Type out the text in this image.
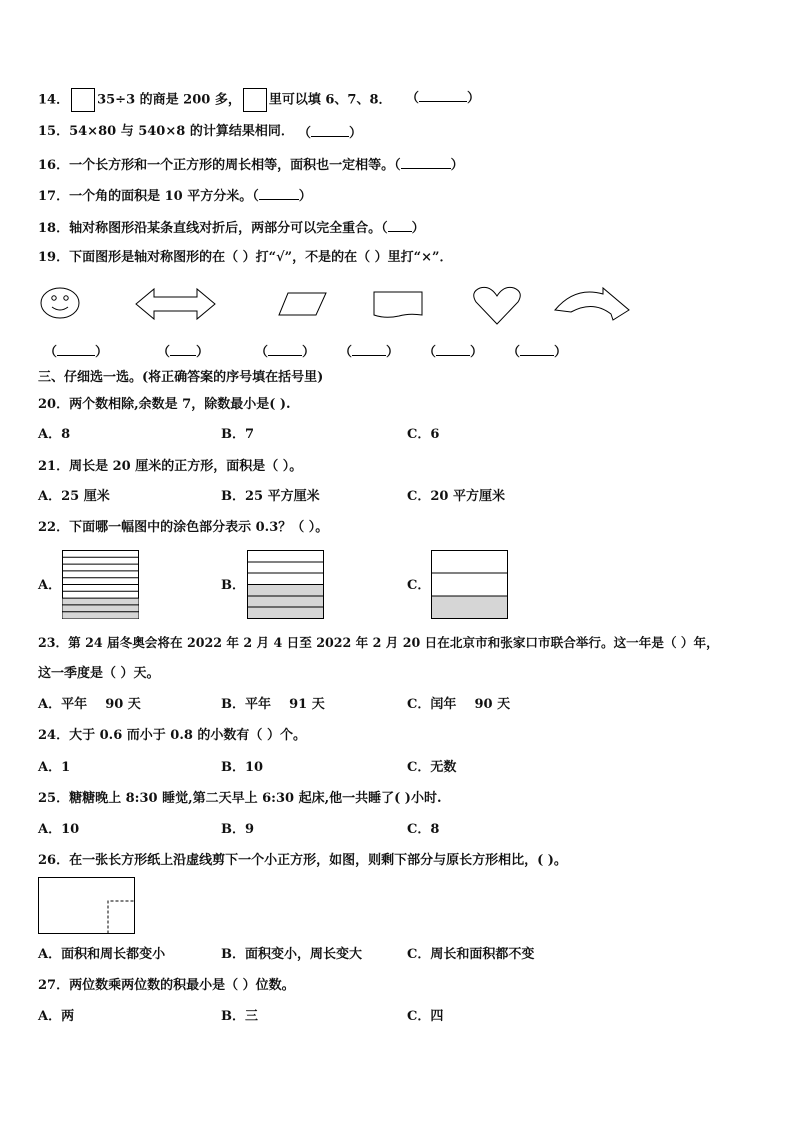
14． 35÷3 的商是 200 多， 里可以填 6、7、8． （	）
15．54×80 与 540×8 的计算结果相同． （	）
16．一个长方形和一个正方形的周长相等，面积也一定相等。（	）
17．一个角的面积是 10 平方分米。（	）
18．轴对称图形沿某条直线对折后，两部分可以完全重合。（ ）
19．下面图形是轴对称图形的在（ ）打“√”，不是的在（ ）里打“×”．
（	）	（ ）	（	） （	） （	） （	）
三、仔细选一选。(将正确答案的序号填在括号里)
20．两个数相除,余数是 7，除数最小是( ).
A．8	B．7	C．6
21．周长是 20 厘米的正方形，面积是（ ）。
A．25 厘米	B．25 平方厘米	C．20 平方厘米
22．下面哪一幅图中的涂色部分表示 0.3？（ ）。
A．	B．	C．
23．第 24 届冬奥会将在 2022 年 2 月 4 日至 2022 年 2 月 20 日在北京市和张家口市联合举行。这一年是（ ）年，
这一季度是（ ）天。
A．平年    90 天	B．平年    91 天	C．闰年    90 天
24．大于 0.6 而小于 0.8 的小数有（ ）个。
A．1	B．10	C．无数
25．糖糖晚上 8:30 睡觉,第二天早上 6:30 起床,他一共睡了( )小时.
A．10	B．9	C．8
26．在一张长方形纸上沿虚线剪下一个小正方形，如图，则剩下部分与原长方形相比，( )。
A．面积和周长都变小	B．面积变小，周长变大	C．周长和面积都不变
27．两位数乘两位数的积最小是（ ）位数。
A．两	B．三	C．四
